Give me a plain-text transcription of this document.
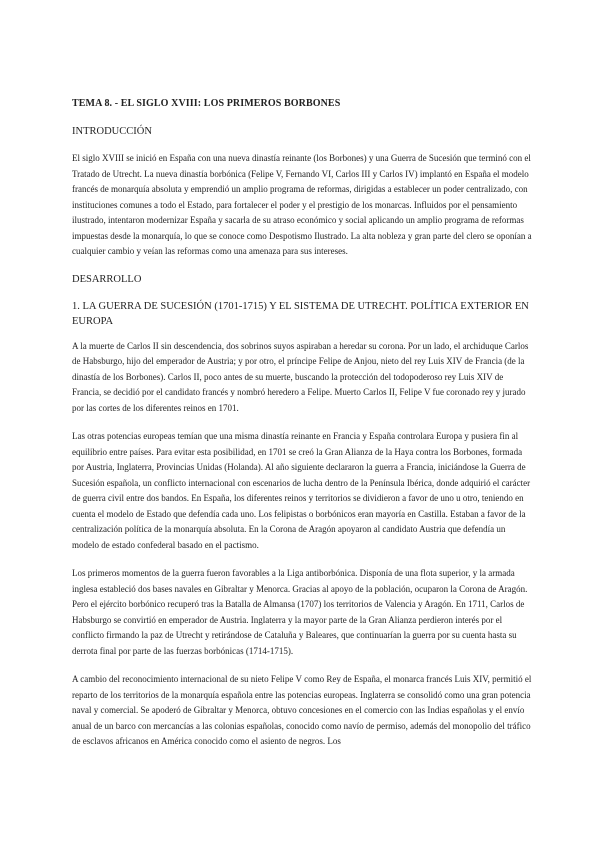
TEMA 8. - EL SIGLO XVIII: LOS PRIMEROS BORBONES
INTRODUCCIÓN

El siglo XVIII se inició en España con una nueva dinastía reinante (los Borbones) y una Guerra de Sucesión que terminó con el Tratado de Utrecht. La nueva dinastía borbónica (Felipe V, Fernando VI, Carlos III y Carlos IV) implantó en España el modelo francés de monarquía absoluta y emprendió un amplio programa de reformas, dirigidas a establecer un poder centralizado, con instituciones comunes a todo el Estado, para fortalecer el poder y el prestigio de los monarcas. Influidos por el pensamiento ilustrado, intentaron modernizar España y sacarla de su atraso económico y social aplicando un amplio programa de reformas impuestas desde la monarquía, lo que se conoce como Despotismo Ilustrado. La alta nobleza y gran parte del clero se oponían a cualquier cambio y veían las reformas como una amenaza para sus intereses.

DESARROLLO
1. LA GUERRA DE SUCESIÓN (1701-1715) Y EL SISTEMA DE UTRECHT. POLÍTICA EXTERIOR EN EUROPA

A la muerte de Carlos II sin descendencia, dos sobrinos suyos aspiraban a heredar su corona. Por un lado, el archiduque Carlos de Habsburgo, hijo del emperador de Austria; y por otro, el príncipe Felipe de Anjou, nieto del rey Luis XIV de Francia (de la dinastía de los Borbones). Carlos II, poco antes de su muerte, buscando la protección del todopoderoso rey Luis XIV de Francia, se decidió por el candidato francés y nombró heredero a Felipe. Muerto Carlos II, Felipe V fue coronado rey y jurado por las cortes de los diferentes reinos en 1701.

Las otras potencias europeas temían que una misma dinastía reinante en Francia y España controlara Europa y pusiera fin al equilibrio entre países. Para evitar esta posibilidad, en 1701 se creó la Gran Alianza de la Haya contra los Borbones, formada por Austria, Inglaterra, Provincias Unidas (Holanda). Al año siguiente declararon la guerra a Francia, iniciándose la Guerra de Sucesión española, un conflicto internacional con escenarios de lucha dentro de la Península Ibérica, donde adquirió el carácter de guerra civil entre dos bandos. En España, los diferentes reinos y territorios se dividieron a favor de uno u otro, teniendo en cuenta el modelo de Estado que defendía cada uno. Los felipistas o borbónicos eran mayoría en Castilla. Estaban a favor de la centralización política de la monarquía absoluta. En la Corona de Aragón apoyaron al candidato Austria que defendía un modelo de estado confederal basado en el pactismo.

Los primeros momentos de la guerra fueron favorables a la Liga antiborbónica. Disponía de una flota superior, y la armada inglesa estableció dos bases navales en Gibraltar y Menorca. Gracias al apoyo de la población, ocuparon la Corona de Aragón. Pero el ejército borbónico recuperó tras la Batalla de Almansa (1707) los territorios de Valencia y Aragón. En 1711, Carlos de Habsburgo se convirtió en emperador de Austria. Inglaterra y la mayor parte de la Gran Alianza perdieron interés por el conflicto firmando la paz de Utrecht y retirándose de Cataluña y Baleares, que continuarían la guerra por su cuenta hasta su derrota final por parte de las fuerzas borbónicas (1714-1715).

A cambio del reconocimiento internacional de su nieto Felipe V como Rey de España, el monarca francés Luis XIV, permitió el reparto de los territorios de la monarquía española entre las potencias europeas. Inglaterra se consolidó como una gran potencia naval y comercial. Se apoderó de Gibraltar y Menorca, obtuvo concesiones en el comercio con las Indias españolas y el envío anual de un barco con mercancías a las colonias españolas, conocido como navío de permiso, además del monopolio del tráfico de esclavos africanos en América conocido como el asiento de negros. Los
